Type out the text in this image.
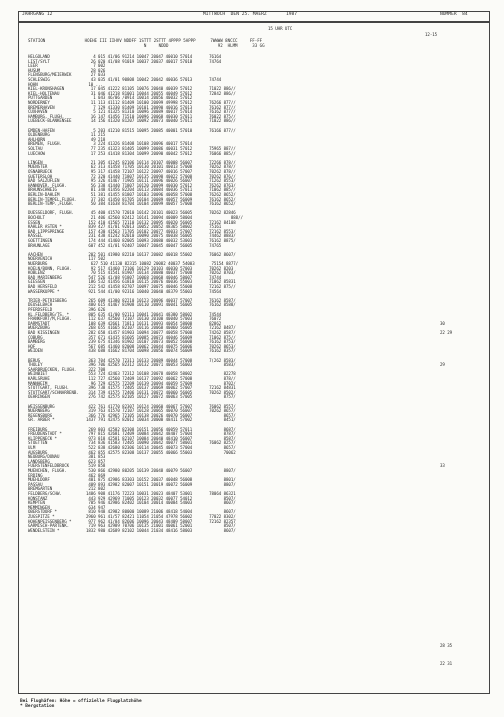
JAHRGANG 12	MITTWOCH  DEN 25. MAERZ       1987	NUMMER  84
15 UHR UTC
12-15
STATION                HOEHE III IIHVV NDDFF 1STTT 2STTT 4PPPP 5APPP      7WWWW 8NCCC     FF-FF
N     NDDD                    92  HLMM      33 GG
HELGOLAND                  4 015 41/06 91214 10047 20047 40010 57014       76164
LIST/SYLT                 26 020 41/08 91019 10037 20037 40017 57018       74764
LEER                       7 002
HUSUM                     28 026
FLENSBURG/MEIERWIK        27 033
SCHLESWIG                 43 035 41/01 90808 10042 20042 40036 57013       74744
HOHN                     10 ...
KIEL-KRONSHAGEN           17 045 41222 81105 10076 20040 40039 57012       71022 886//
KIEL-HOLTENAU             31 046 41218 81001 10044 20055 40049 57012       72842 886//
PUTTGARDEN                 1 043 46/06 /0914 10014 20056 40032 57012
NORDERNEY                 11 113 41112 81409 10100 20099 49998 57012       76266 877//
BREMERHAVEN                7 129 41330 81409 10101 20090 40016 57013       76162 877//
CUXHAVEN                   5 121 41325 81310 10096 20089 40017 57014       76162 877//
HAMBURG, FLUGH.           16 147 41456 71510 10096 20068 40030 57011       76022 875//
LUEBECK-BLANKENSEE        14 156 41320 81207 10092 20073 40040 57011       71022 886//
EMDEN-HAFEN                5 203 41210 81515 10095 20085 40001 57010       76166 877//
OLDENBURG                 11 215
AHLHORN                   49 218
BREMEN, FLUGH.             3 224 41326 81408 10108 20096 40017 57014
SOLTAU                    77 235 41323 81405 10099 20086 40031 57012       75965 887//
LUECHOW                   17 253 41418 81304 10099 20090 40042 57012       76066 885//
LINGEN                    21 305 41245 82106 10114 20107 40008 56007       72266 878//
MUENSTER                  62 313 41458 71705 10130 20101 40013 57008       70262 878//
OSNABRUECK                95 317 41458 72107 10122 20097 40016 57007       70262 878//
GUETERSLOH                72 320 41440 71807 10135 20098 40022 57008       70262 876//
BAD SALZUFLEN             95 326 41467 71905 10111 20096 40026 56007       71262 8553/
HANNOVER, FLUGH.          56 338 41440 71807 10120 20099 40030 57012       76262 8763/
BRAUNSCHWEIG              81 348 41456 82204 10113 20084 40036 57011       71062 885//
BERLIN-DAHLEM             51 381 41455 81807 10103 20096 40058 57008       76262 8652/
BERLIN-TEMPEL.FLUGH.      37 382 41450 81705 10104 20089 40057 56009       76162 8652/
BERLIN-TEMP.,FLUGH.       50 384 41638 81704 10104 20099 40057 57008       76162 8652/
DUESSELDORF, FLUGH.       45 400 41570 72010 10142 20101 40023 56005       70262 82846
BOCHOLT                   21 406 42560 82412 10141 20094 40009 58004                888//
ESSEN                    152 410 41565 72110 10132 20095 40020 56005       72162 84108
KAHLER ASTEN *           839 427 41/01 92013 10052 20052 48365 58002       75161
BAD LIPPSPRINGE          157 430 41563 71705 10102 20077 40033 57007       72162 8553/
KASSEL                   231 438 41242 82010 10090 20075 40038 56005       74462 8883/
GOETTINGEN               174 444 41460 82005 10093 20080 40032 53003       76162 8875/
BRAUNLAGE                607 452 41/01 92407 10047 20045 40047 56005       74765
AACHEN                   202 501 41980 82210 10137 20082 40018 55002       76062 8607/
NOERVENICH               117 502
NUERBURG                  627 510 41130 82315 10082 20082 40037 54003       75154 8877/
KOELN/BONN, FLUGH.        92 517 41460 72106 10129 20103 40030 57003       70262 8203
KOBLENZ                   70 515 41541 81907 10134 20080 40037 57008       70262 8703/
BAD MARIENBERG           547 526 41/08 91807 10068 20068 40046 58007       74744
GIESSEN                  186 532 41456 61810 10115 20076 40036 55003       71062 85831
BAD HERSFELD             212 542 41458 82707 10097 20075 40046 55008       72162 875//
WASSERKUPPE *            921 544 41/00 92316 10040 20040 48379 55003       74564
TRIER-PETRISBERG         265 609 41380 82210 10123 20096 40037 57007       76162 8587/
DEUSELBACH               480 615 41467 81908 10110 20091 40041 56005       76162 8588/
PFERDSFELD               396 626
KL.FELDBERG/TS. *        805 635 41/00 92111 10041 20041 48380 58002       74544
FRANKFURT/M,FLUGH.       112 637 42560 72107 10130 20100 40040 57003       76072
DARMSTADT                108 639 42661 71811 10131 20093 40054 58008       82862
WUERZBURG                268 655 41665 82107 10116 20068 40060 56005       72162 8487/
BAD KISSINGEN            282 658 41457 81903 10094 20077 40058 57008       74262 8587/
COBURG                   357 671 41435 81605 10085 20073 40046 56009       71062 875//
BAMBERG                  239 675 41346 81902 10107 20073 40052 56008       76162 8753/
HOF                      567 685 41460 82008 10062 20044 40075 56006       70262 8653/
WEIDEN                   438 688 41662 81704 10098 20056 40074 56009       76162 8357/
BERUS                    363 704 42570 72311 10133 20089 40044 57008       7(262 8583/
THOLEY                   396 706 42565 82312 10132 20071 40053 56003             8583/
SAARBRUECKEN, FLUGH.     322 708
WEINBIET                 553 724 42463 72312 10108 20078 40058 58002             82278
KARLSRUHE                112 727 42560 72409 10137 20092 40062 57008             878//
MANNHEIM                  96 729 42575 72209 10139 20094 40059 57009             8702/
STUTTGART, FLUGH.        396 738 41575 72405 10137 20069 40062 57007       72162 84831
STUTTGART/SCHNARRENB.    314 739 41575 72406 10131 20072 40060 56005       70262 8502/
OEHRINGEN                276 742 42575 82105 10127 20072 40063 57005             8757/
WEISSENBURG              422 761 41770 82307 10124 20060 40067 57007       76062 8557/
NUERNBERG                319 763 41570 72107 10128 20065 40070 56007       70262 8657/
REGENSBURG               366 776 42965 72105 10138 20026 40070 56007             8657/
GR. ARBER *             1437 791 42475 82012 10034 20000 48411 57002             8451/
FREIBURG                 269 803 42582 82308 10151 20056 40059 57011             8687/
FREUDENSTADT *           797 815 42681 72409 10084 20042 48407 57004             8787/
KLIPPENECK *             973 818 42581 82107 10084 20040 48410 56007             8587/
STOETTEN                 734 836 41583 72405 10090 20042 40077 58001       76062 8257/
ULM                      522 838 42680 82306 10114 20045 40073 57004             8657/
AUGSBURG                 462 855 42575 82308 10137 20055 40066 55003             70062
NEUBURG/DONAU            381 853
LANDSBERG                623 857
FUERSTENFELDBRUCK        519 858
MUENCHEN, FLUGH.         530 866 42980 80205 10139 20048 40079 56007             8807/
ERDING                   462 869
MUEHLDORF                401 875 42986 83303 10152 20037 40048 56008             8801/
PASSAU                   409 893 42982 82007 10151 20019 40072 56009             8807/
BREMGARTEN               212 802
FELDBERG/SCHW.          1486 908 41176 72223 10031 20023 48407 53001       78064 86321
KONSTANZ                 443 929 42969 71005 10123 20032 40077 54012             8507/
KEMPTEN                  705 946 42986 82402 10104 20014 40084 54003             8607/
MEMMINGEN                634 947
OBERSTDORF *             810 948 42982 80000 10089 21006 48418 54004             8607/
ZUGSPITZE *             2960 961 41/57 82421 11054 21054 47978 56002       77022 8302/
HOHENPEISSENBERG *       977 962 41/84 82606 10096 20043 48409 58007       72162 82357
GARMISCH-PARTENK.        719 963 42989 70706 10135 21001 40061 52001             8507/
WENDELSTEIN *           1832 980 42689 82102 10044 21034 48416 58003             8607/
30
22 29
29
33
28 35
22 31
Bei Flughäfen: Höhe = offizielle Flugplatzhöhe
* Bergstation
